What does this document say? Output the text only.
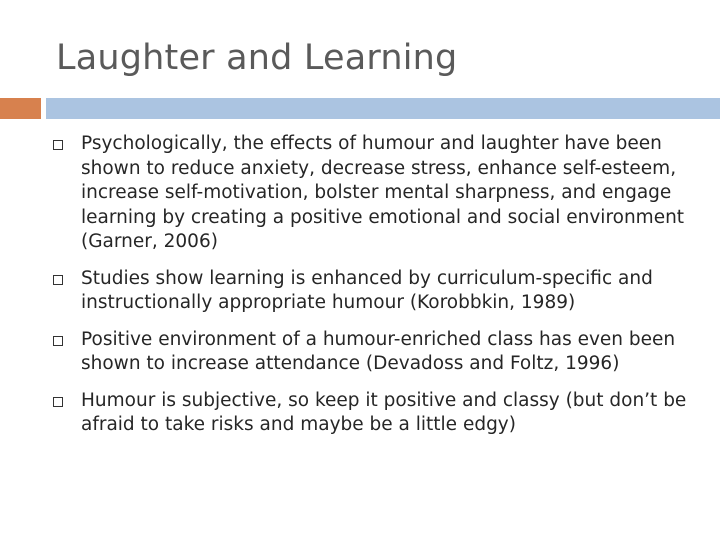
Laughter and Learning
Psychologically, the effects of humour and laughter have been shown to reduce anxiety, decrease stress, enhance self-esteem, increase self-motivation, bolster mental sharpness, and engage learning by creating a positive emotional and social environment (Garner, 2006)
Studies show learning is enhanced by curriculum-specific and instructionally appropriate humour (Korobbkin, 1989)
Positive environment of a humour-enriched class has even been shown to increase attendance (Devadoss and Foltz, 1996)
Humour is subjective, so keep it positive and classy (but don’t be afraid to take risks and maybe be a little edgy)
